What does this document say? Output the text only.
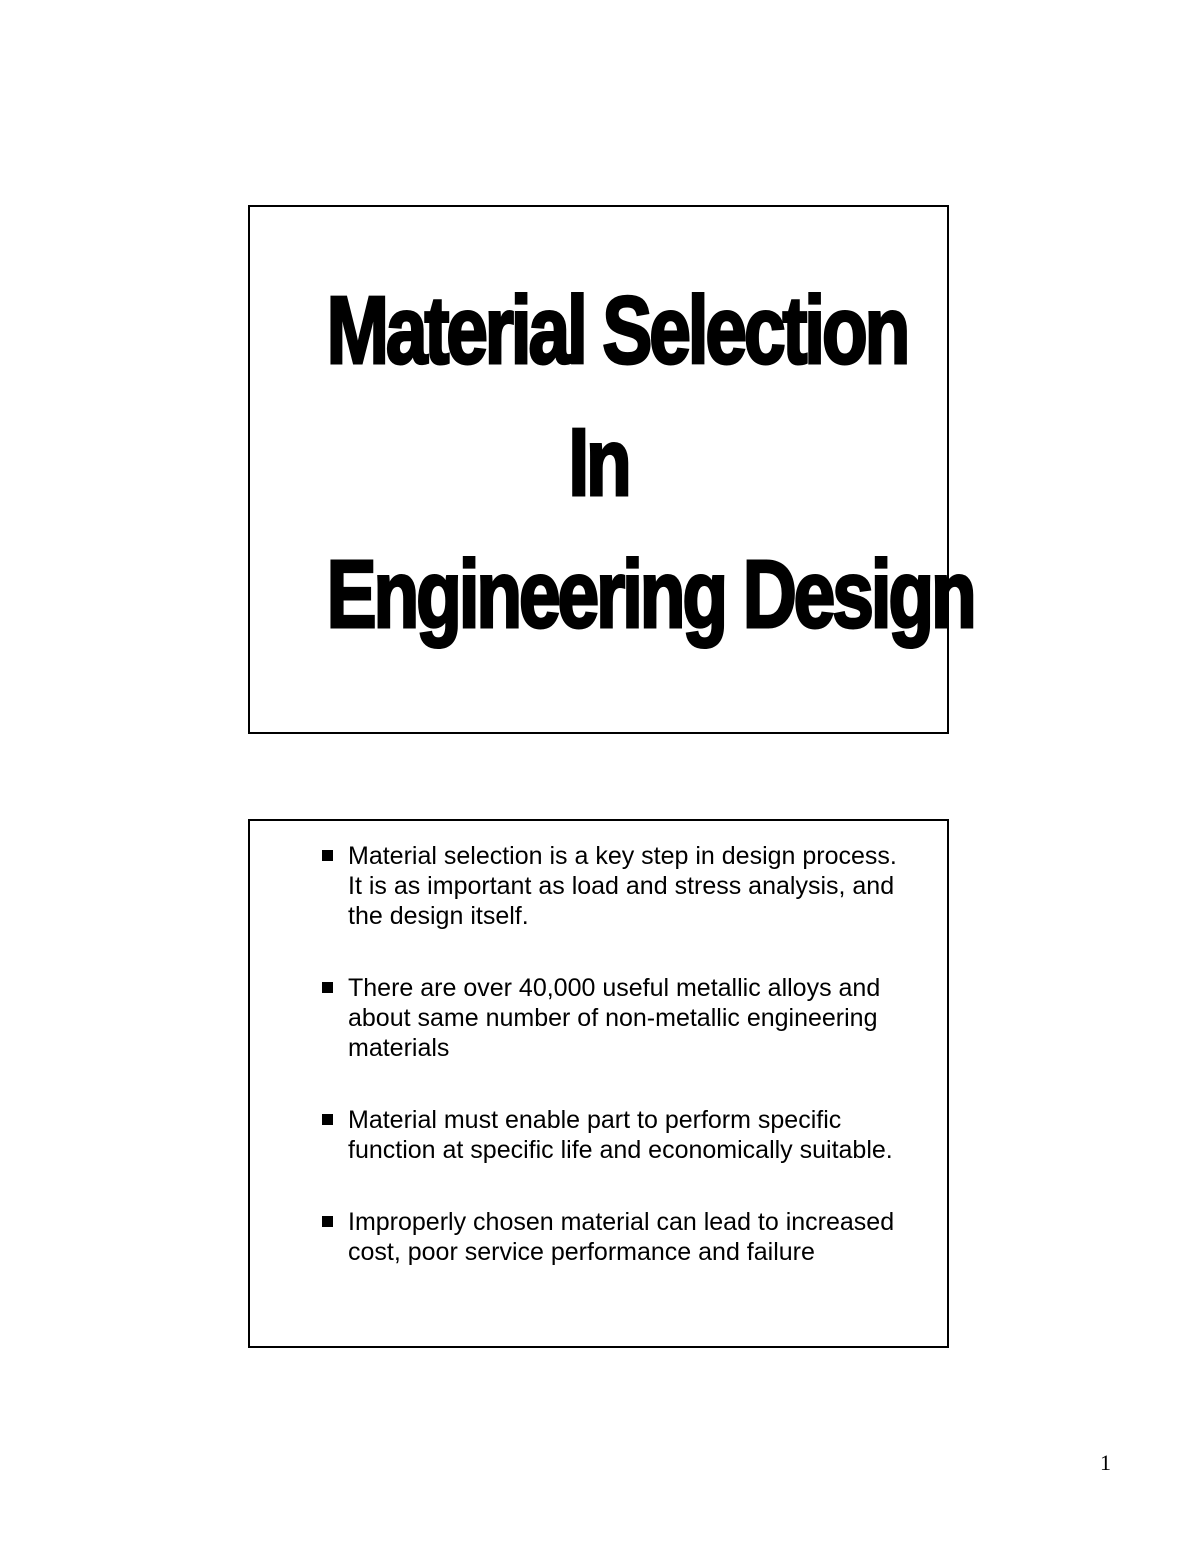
Material Selection
In
Engineering Design
Material selection is a key step in design process. It is as important as load and stress analysis, and the design itself.
There are over 40,000 useful metallic alloys and about same number of non-metallic engineering materials
Material must enable part to perform specific function at specific life and economically suitable.
Improperly chosen material can lead to increased cost, poor service performance and failure
1
